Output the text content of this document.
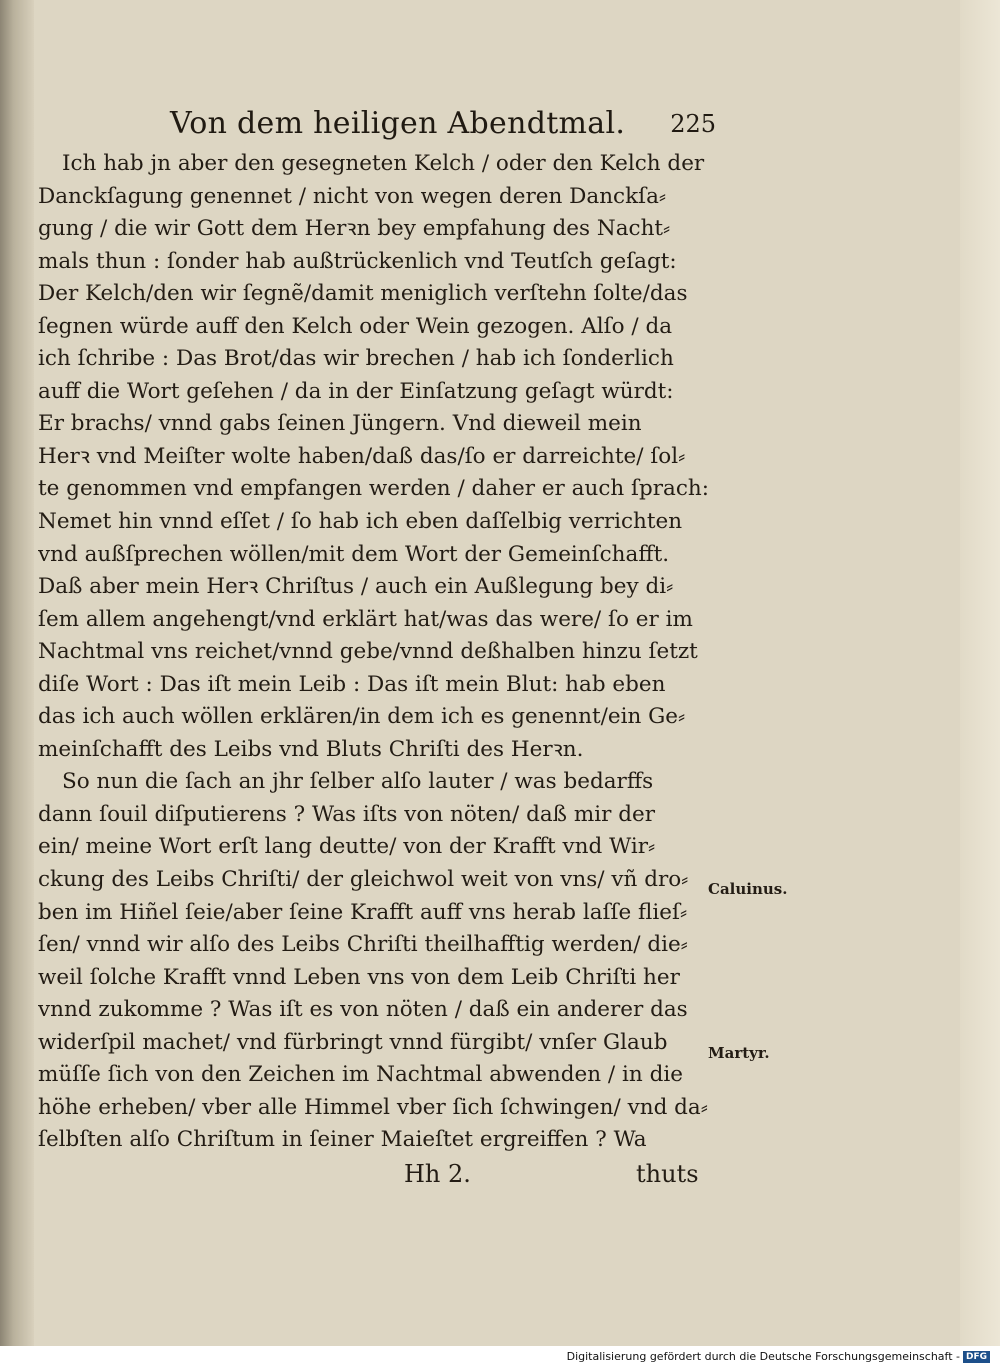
Von dem heiligen Abendtmal. 225
Ich hab jn aber den gesegneten Kelch / oder den Kelch der
Danckſagung genennet / nicht von wegen deren Danckſa⸗
gung / die wir Gott dem Herꝛn bey empfahung des Nacht⸗
mals thun : ſonder hab außtrückenlich vnd Teutſch geſagt:
Der Kelch/den wir ſegnẽ/damit meniglich verſtehn ſolte/das
ſegnen würde auff den Kelch oder Wein gezogen. Alſo / da
ich ſchribe : Das Brot/das wir brechen / hab ich ſonderlich
auff die Wort geſehen / da in der Einſatzung geſagt würdt:
Er brachs/ vnnd gabs ſeinen Jüngern. Vnd dieweil mein
Herꝛ vnd Meiſter wolte haben/daß das/ſo er darreichte/ ſol⸗
te genommen vnd empfangen werden / daher er auch ſprach:
Nemet hin vnnd eſſet / ſo hab ich eben daſſelbig verrichten
vnd außſprechen wöllen/mit dem Wort der Gemeinſchafft.
Daß aber mein Herꝛ Chriſtus / auch ein Außlegung bey di⸗
ſem allem angehengt/vnd erklärt hat/was das were/ ſo er im
Nachtmal vns reichet/vnnd gebe/vnnd deßhalben hinzu ſetzt
diſe Wort : Das iſt mein Leib : Das iſt mein Blut: hab eben
das ich auch wöllen erklären/in dem ich es genennt/ein Ge⸗
meinſchafft des Leibs vnd Bluts Chriſti des Herꝛn.
So nun die ſach an jhr ſelber alſo lauter / was bedarffs
dann ſouil diſputierens ? Was iſts von nöten/ daß mir der
ein/ meine Wort erſt lang deutte/ von der Krafft vnd Wir⸗
ckung des Leibs Chriſti/ der gleichwol weit von vns/ vñ dro⸗
ben im Hiñel ſeie/aber ſeine Krafft auff vns herab laſſe flieſ⸗
ſen/ vnnd wir alſo des Leibs Chriſti theilhafftig werden/ die⸗
weil ſolche Krafft vnnd Leben vns von dem Leib Chriſti her
vnnd zukomme ? Was iſt es von nöten / daß ein anderer das
widerſpil machet/ vnd fürbringt vnnd fürgibt/ vnſer Glaub
müſſe ſich von den Zeichen im Nachtmal abwenden / in die
höhe erheben/ vber alle Himmel vber ſich ſchwingen/ vnd da⸗
ſelbſten alſo Chriſtum in ſeiner Maieſtet ergreiffen ? Wa
Caluinus.
Martyr.
Hh 2.	thuts
Digitalisierung gefördert durch die Deutsche Forschungsgemeinschaft - DFG
